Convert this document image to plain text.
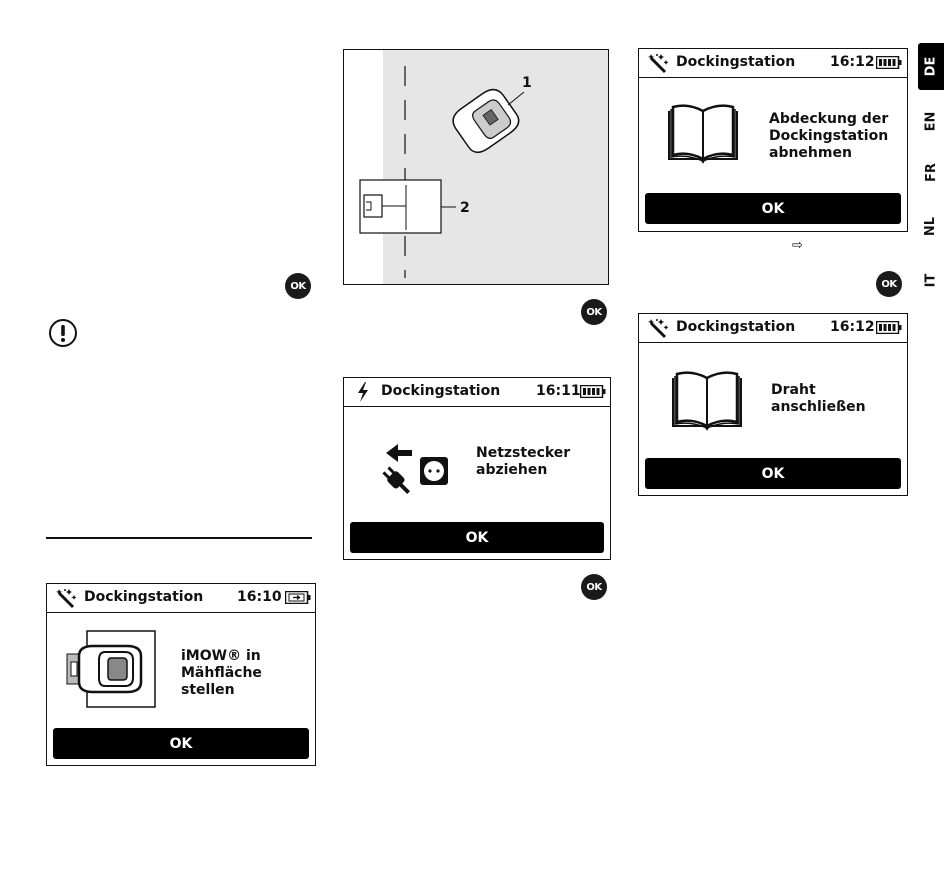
OK
Dockingstation 16:10
iMOW® in
Mähfläche
stellen
OK
1
2
OK
Dockingstation	16:11
Netzstecker
abziehen
OK
OK
Dockingstation 16:12
Abdeckung der
Dockingstation
abnehmen
OK
⇨
OK
Dockingstation 16:12
Draht
anschließen
OK
DE
EN
FR
NL
IT
